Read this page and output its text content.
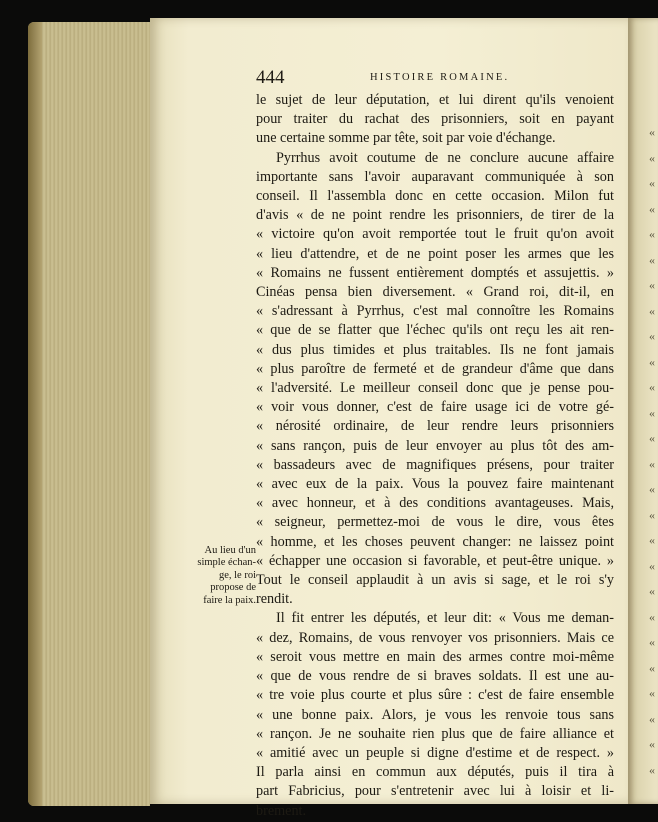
«
«
«
«
«
«
«
«
«
«
«
«
«
«
«
«
«
«
«
«
«
«
«
«
«
«
444	HISTOIRE ROMAINE.
Au lieu d'un
simple échan-
ge, le roi
propose de
faire la paix.
le sujet de leur députation, et lui dirent qu'ils venoient
pour traiter du rachat des prisonniers, soit en payant
une certaine somme par tête, soit par voie d'échange.
Pyrrhus avoit coutume de ne conclure aucune affaire
importante sans l'avoir auparavant communiquée à son
conseil. Il l'assembla donc en cette occasion. Milon fut
d'avis « de ne point rendre les prisonniers, de tirer de la
« victoire qu'on avoit remportée tout le fruit qu'on avoit
« lieu d'attendre, et de ne point poser les armes que les
« Romains ne fussent entièrement domptés et assujettis. »
Cinéas pensa bien diversement. « Grand roi, dit-il, en
« s'adressant à Pyrrhus, c'est mal connoître les Romains
« que de se flatter que l'échec qu'ils ont reçu les ait ren-
« dus plus timides et plus traitables. Ils ne font jamais
« plus paroître de fermeté et de grandeur d'âme que dans
« l'adversité. Le meilleur conseil donc que je pense pou-
« voir vous donner, c'est de faire usage ici de votre gé-
« nérosité ordinaire, de leur rendre leurs prisonniers
« sans rançon, puis de leur envoyer au plus tôt des am-
« bassadeurs avec de magnifiques présens, pour traiter
« avec eux de la paix. Vous la pouvez faire maintenant
« avec honneur, et à des conditions avantageuses. Mais,
« seigneur, permettez-moi de vous le dire, vous êtes
« homme, et les choses peuvent changer: ne laissez point
« échapper une occasion si favorable, et peut-être unique. »
Tout le conseil applaudit à un avis si sage, et le roi s'y
rendit.
Il fit entrer les députés, et leur dit: « Vous me deman-
« dez, Romains, de vous renvoyer vos prisonniers. Mais ce
« seroit vous mettre en main des armes contre moi-même
« que de vous rendre de si braves soldats. Il est une au-
« tre voie plus courte et plus sûre : c'est de faire ensemble
« une bonne paix. Alors, je vous les renvoie tous sans
« rançon. Je ne souhaite rien plus que de faire alliance et
« amitié avec un peuple si digne d'estime et de respect. »
Il parla ainsi en commun aux députés, puis il tira à
part Fabricius, pour s'entretenir avec lui à loisir et li-
brement.
